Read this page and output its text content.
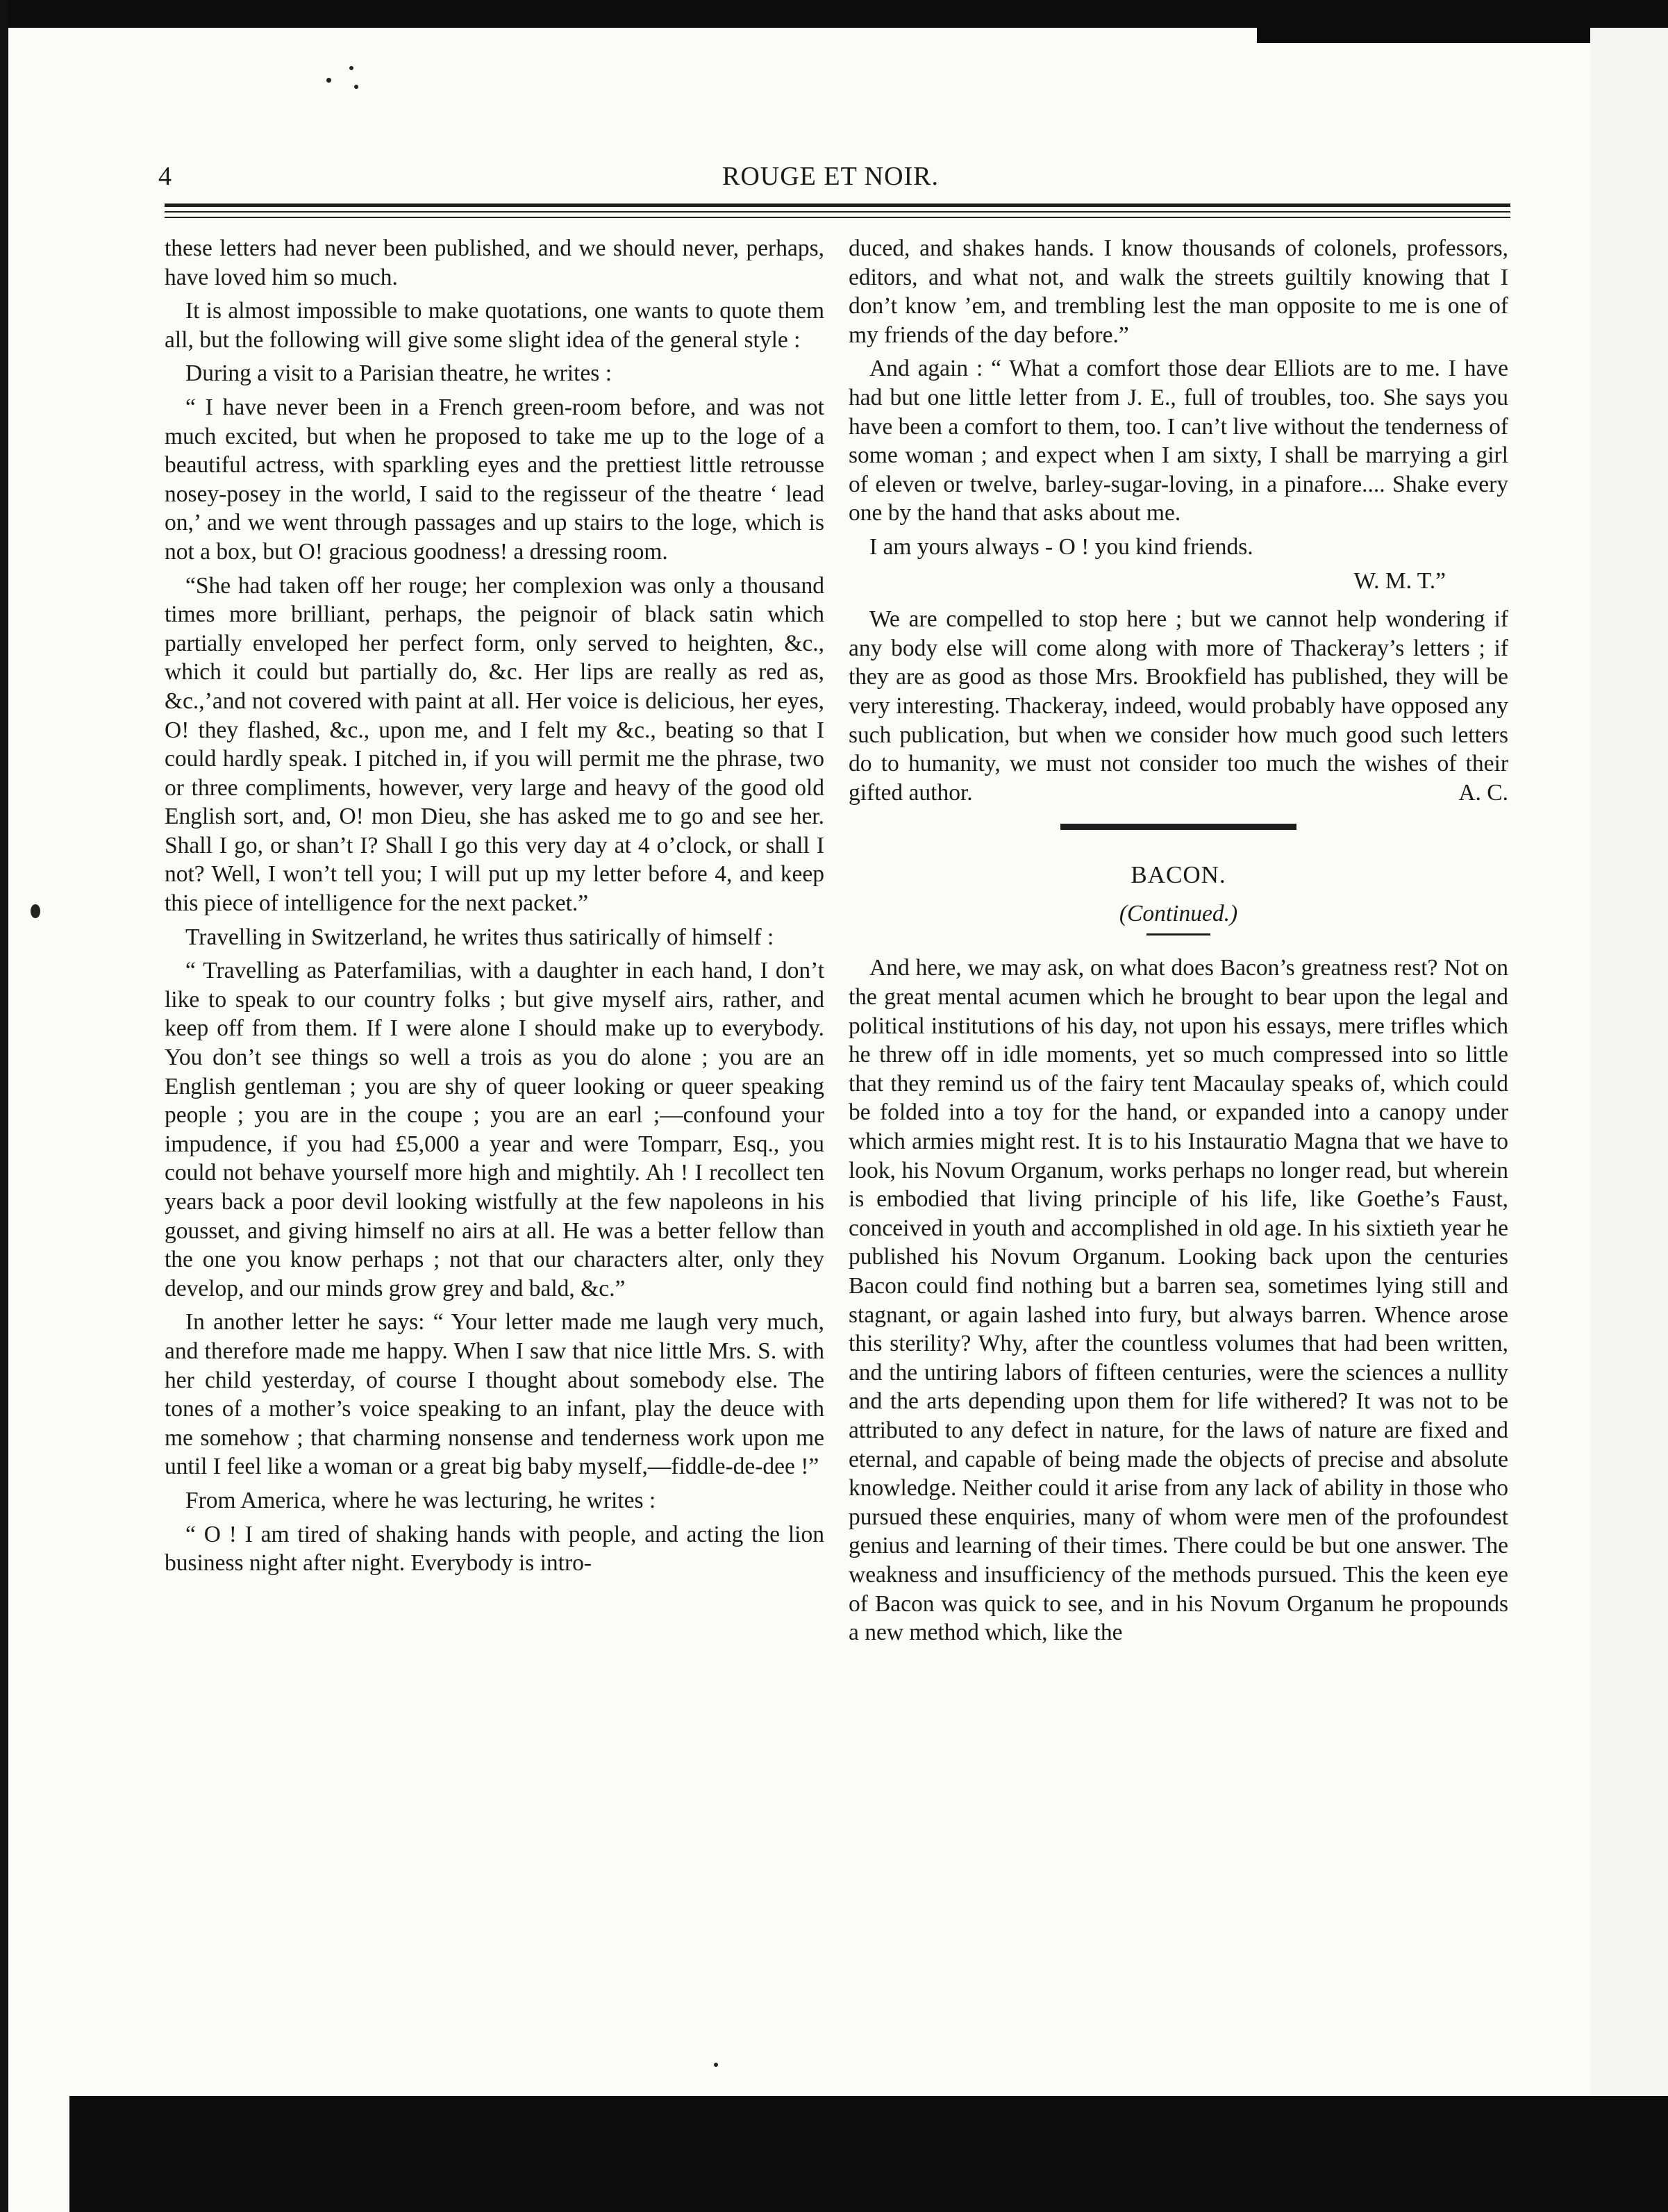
4	ROUGE ET NOIR.

these letters had never been published, and we should never, perhaps, have loved him so much.

It is almost impossible to make quotations, one wants to quote them all, but the following will give some slight idea of the general style :

During a visit to a Parisian theatre, he writes :

“ I have never been in a French green-room before, and was not much excited, but when he proposed to take me up to the loge of a beautiful actress, with sparkling eyes and the prettiest little retrousse nosey-posey in the world, I said to the regisseur of the theatre ‘ lead on,’ and we went through passages and up stairs to the loge, which is not a box, but O! gracious goodness! a dressing room.

“She had taken off her rouge; her complexion was only a thousand times more brilliant, perhaps, the peignoir of black satin which partially enveloped her perfect form, only served to heighten, &c., which it could but partially do, &c. Her lips are really as red as, &c.,’and not covered with paint at all. Her voice is delicious, her eyes, O! they flashed, &c., upon me, and I felt my &c., beating so that I could hardly speak. I pitched in, if you will permit me the phrase, two or three compliments, however, very large and heavy of the good old English sort, and, O! mon Dieu, she has asked me to go and see her. Shall I go, or shan’t I? Shall I go this very day at 4 o’clock, or shall I not? Well, I won’t tell you; I will put up my letter before 4, and keep this piece of intelligence for the next packet.”

Travelling in Switzerland, he writes thus satirically of himself :

“ Travelling as Paterfamilias, with a daughter in each hand, I don’t like to speak to our country folks ; but give myself airs, rather, and keep off from them. If I were alone I should make up to everybody. You don’t see things so well a trois as you do alone ; you are an English gentleman ; you are shy of queer looking or queer speaking people ; you are in the coupe ; you are an earl ;—confound your impudence, if you had £5,000 a year and were Tomparr, Esq., you could not behave yourself more high and mightily. Ah ! I recollect ten years back a poor devil looking wistfully at the few napoleons in his gousset, and giving himself no airs at all. He was a better fellow than the one you know perhaps ; not that our characters alter, only they develop, and our minds grow grey and bald, &c.”

In another letter he says: “ Your letter made me laugh very much, and therefore made me happy. When I saw that nice little Mrs. S. with her child yesterday, of course I thought about somebody else. The tones of a mother’s voice speaking to an infant, play the deuce with me somehow ; that charming nonsense and tenderness work upon me until I feel like a woman or a great big baby myself,—fiddle-de-dee !”

From America, where he was lecturing, he writes :

“ O ! I am tired of shaking hands with people, and acting the lion business night after night. Everybody is intro-

duced, and shakes hands. I know thousands of colonels, professors, editors, and what not, and walk the streets guiltily knowing that I don’t know ’em, and trembling lest the man opposite to me is one of my friends of the day before.”

And again : “ What a comfort those dear Elliots are to me. I have had but one little letter from J. E., full of troubles, too. She says you have been a comfort to them, too. I can’t live without the tenderness of some woman ; and expect when I am sixty, I shall be marrying a girl of eleven or twelve, barley-sugar-loving, in a pinafore.... Shake every one by the hand that asks about me.

I am yours always - O ! you kind friends.

W. M. T.”

We are compelled to stop here ; but we cannot help wondering if any body else will come along with more of Thackeray’s letters ; if they are as good as those Mrs. Brookfield has published, they will be very interesting. Thackeray, indeed, would probably have opposed any such publication, but when we consider how much good such letters do to humanity, we must not consider too much the wishes of their gifted author.	A. C.

BACON.
(Continued.)

And here, we may ask, on what does Bacon’s greatness rest? Not on the great mental acumen which he brought to bear upon the legal and political institutions of his day, not upon his essays, mere trifles which he threw off in idle moments, yet so much compressed into so little that they remind us of the fairy tent Macaulay speaks of, which could be folded into a toy for the hand, or expanded into a canopy under which armies might rest. It is to his Instauratio Magna that we have to look, his Novum Organum, works perhaps no longer read, but wherein is embodied that living principle of his life, like Goethe’s Faust, conceived in youth and accomplished in old age. In his sixtieth year he published his Novum Organum. Looking back upon the centuries Bacon could find nothing but a barren sea, sometimes lying still and stagnant, or again lashed into fury, but always barren. Whence arose this sterility? Why, after the countless volumes that had been written, and the untiring labors of fifteen centuries, were the sciences a nullity and the arts depending upon them for life withered? It was not to be attributed to any defect in nature, for the laws of nature are fixed and eternal, and capable of being made the objects of precise and absolute knowledge. Neither could it arise from any lack of ability in those who pursued these enquiries, many of whom were men of the profoundest genius and learning of their times. There could be but one answer. The weakness and insufficiency of the methods pursued. This the keen eye of Bacon was quick to see, and in his Novum Organum he propounds a new method which, like the
